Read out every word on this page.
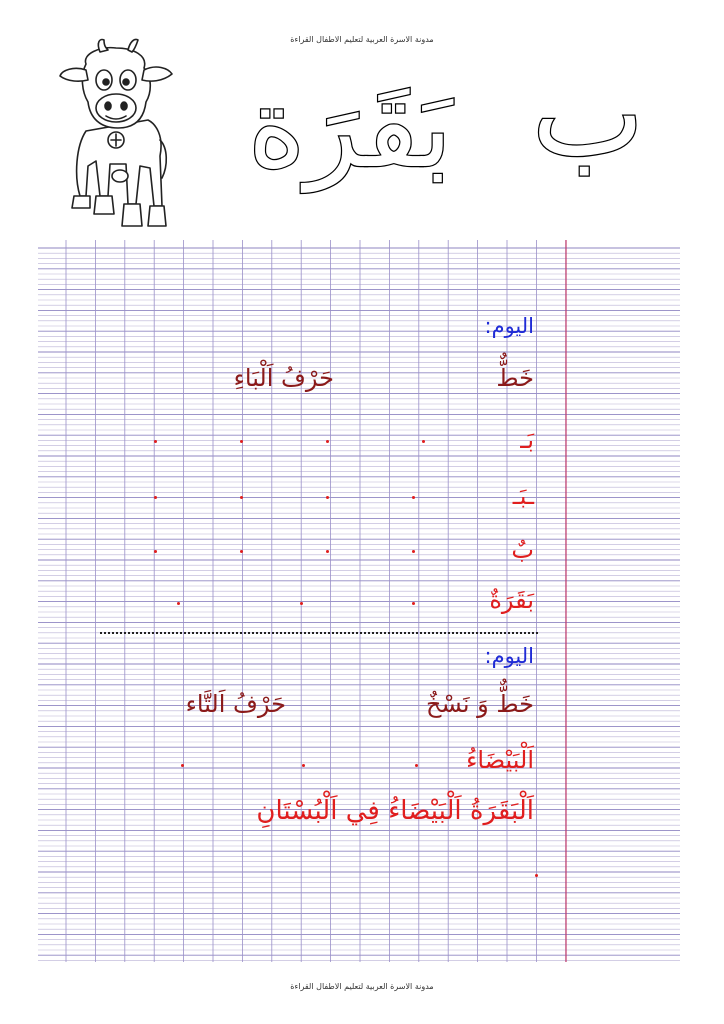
مدونة الاسرة العربية لتعليم الاطفال القراءة
بَقَرَة ب
اليوم:
خَطٌّ
حَرْفُ اَلْبَاءِ
بَـ
ـبَـ
بٌ
بَقَرَةٌ
اليوم:
خَطٌّ وَ نَسْخٌ
حَرْفُ اَلتَّاء
اَلْبَيْضَاءُ
اَلْبَقَرَةُ اَلْبَيْضَاءُ فِي اَلْبُسْتَانِ
مدونة الاسرة العربية لتعليم الاطفال القراءة
